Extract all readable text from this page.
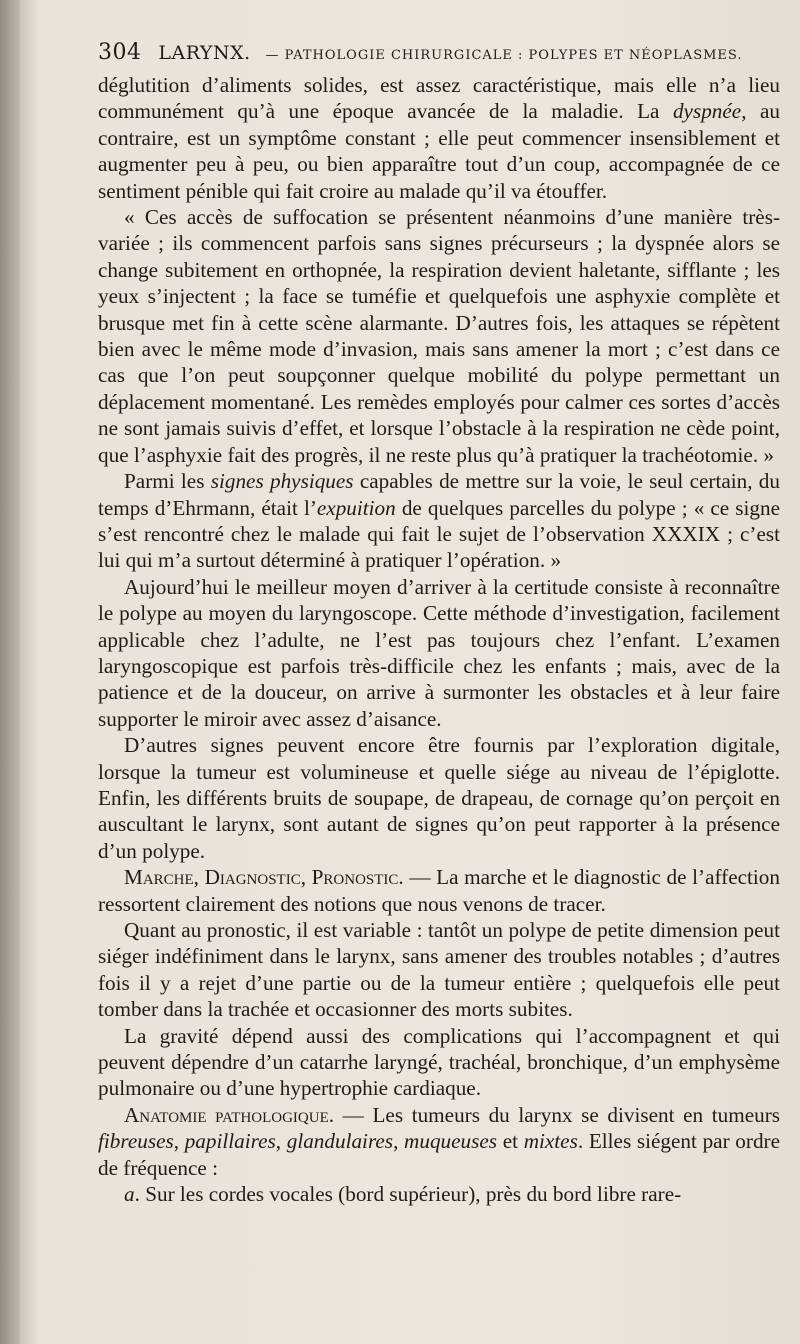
304 LARYNX. — PATHOLOGIE CHIRURGICALE : POLYPES ET NÉOPLASMES.

déglutition d’aliments solides, est assez caractéristique, mais elle n’a lieu communément qu’à une époque avancée de la maladie. La dyspnée, au contraire, est un symptôme constant ; elle peut commencer insensiblement et augmenter peu à peu, ou bien apparaître tout d’un coup, accompagnée de ce sentiment pénible qui fait croire au malade qu’il va étouffer.

« Ces accès de suffocation se présentent néanmoins d’une manière très-variée ; ils commencent parfois sans signes précurseurs ; la dyspnée alors se change subitement en orthopnée, la respiration devient haletante, sifflante ; les yeux s’injectent ; la face se tuméfie et quelquefois une asphyxie complète et brusque met fin à cette scène alarmante. D’autres fois, les attaques se répètent bien avec le même mode d’invasion, mais sans amener la mort ; c’est dans ce cas que l’on peut soupçonner quelque mobilité du polype permettant un déplacement momentané. Les remèdes employés pour calmer ces sortes d’accès ne sont jamais suivis d’effet, et lorsque l’obstacle à la respiration ne cède point, que l’asphyxie fait des progrès, il ne reste plus qu’à pratiquer la trachéotomie. »

Parmi les signes physiques capables de mettre sur la voie, le seul certain, du temps d’Ehrmann, était l’expuition de quelques parcelles du polype ; « ce signe s’est rencontré chez le malade qui fait le sujet de l’observation XXXIX ; c’est lui qui m’a surtout déterminé à pratiquer l’opération. »

Aujourd’hui le meilleur moyen d’arriver à la certitude consiste à reconnaître le polype au moyen du laryngoscope. Cette méthode d’investigation, facilement applicable chez l’adulte, ne l’est pas toujours chez l’enfant. L’examen laryngoscopique est parfois très-difficile chez les enfants ; mais, avec de la patience et de la douceur, on arrive à surmonter les obstacles et à leur faire supporter le miroir avec assez d’aisance.

D’autres signes peuvent encore être fournis par l’exploration digitale, lorsque la tumeur est volumineuse et quelle siége au niveau de l’épiglotte. Enfin, les différents bruits de soupape, de drapeau, de cornage qu’on perçoit en auscultant le larynx, sont autant de signes qu’on peut rapporter à la présence d’un polype.

Marche, Diagnostic, Pronostic. — La marche et le diagnostic de l’affection ressortent clairement des notions que nous venons de tracer.

Quant au pronostic, il est variable : tantôt un polype de petite dimension peut siéger indéfiniment dans le larynx, sans amener des troubles notables ; d’autres fois il y a rejet d’une partie ou de la tumeur entière ; quelquefois elle peut tomber dans la trachée et occasionner des morts subites.

La gravité dépend aussi des complications qui l’accompagnent et qui peuvent dépendre d’un catarrhe laryngé, trachéal, bronchique, d’un emphysème pulmonaire ou d’une hypertrophie cardiaque.

Anatomie pathologique. — Les tumeurs du larynx se divisent en tumeurs fibreuses, papillaires, glandulaires, muqueuses et mixtes. Elles siégent par ordre de fréquence :

a. Sur les cordes vocales (bord supérieur), près du bord libre rare-
